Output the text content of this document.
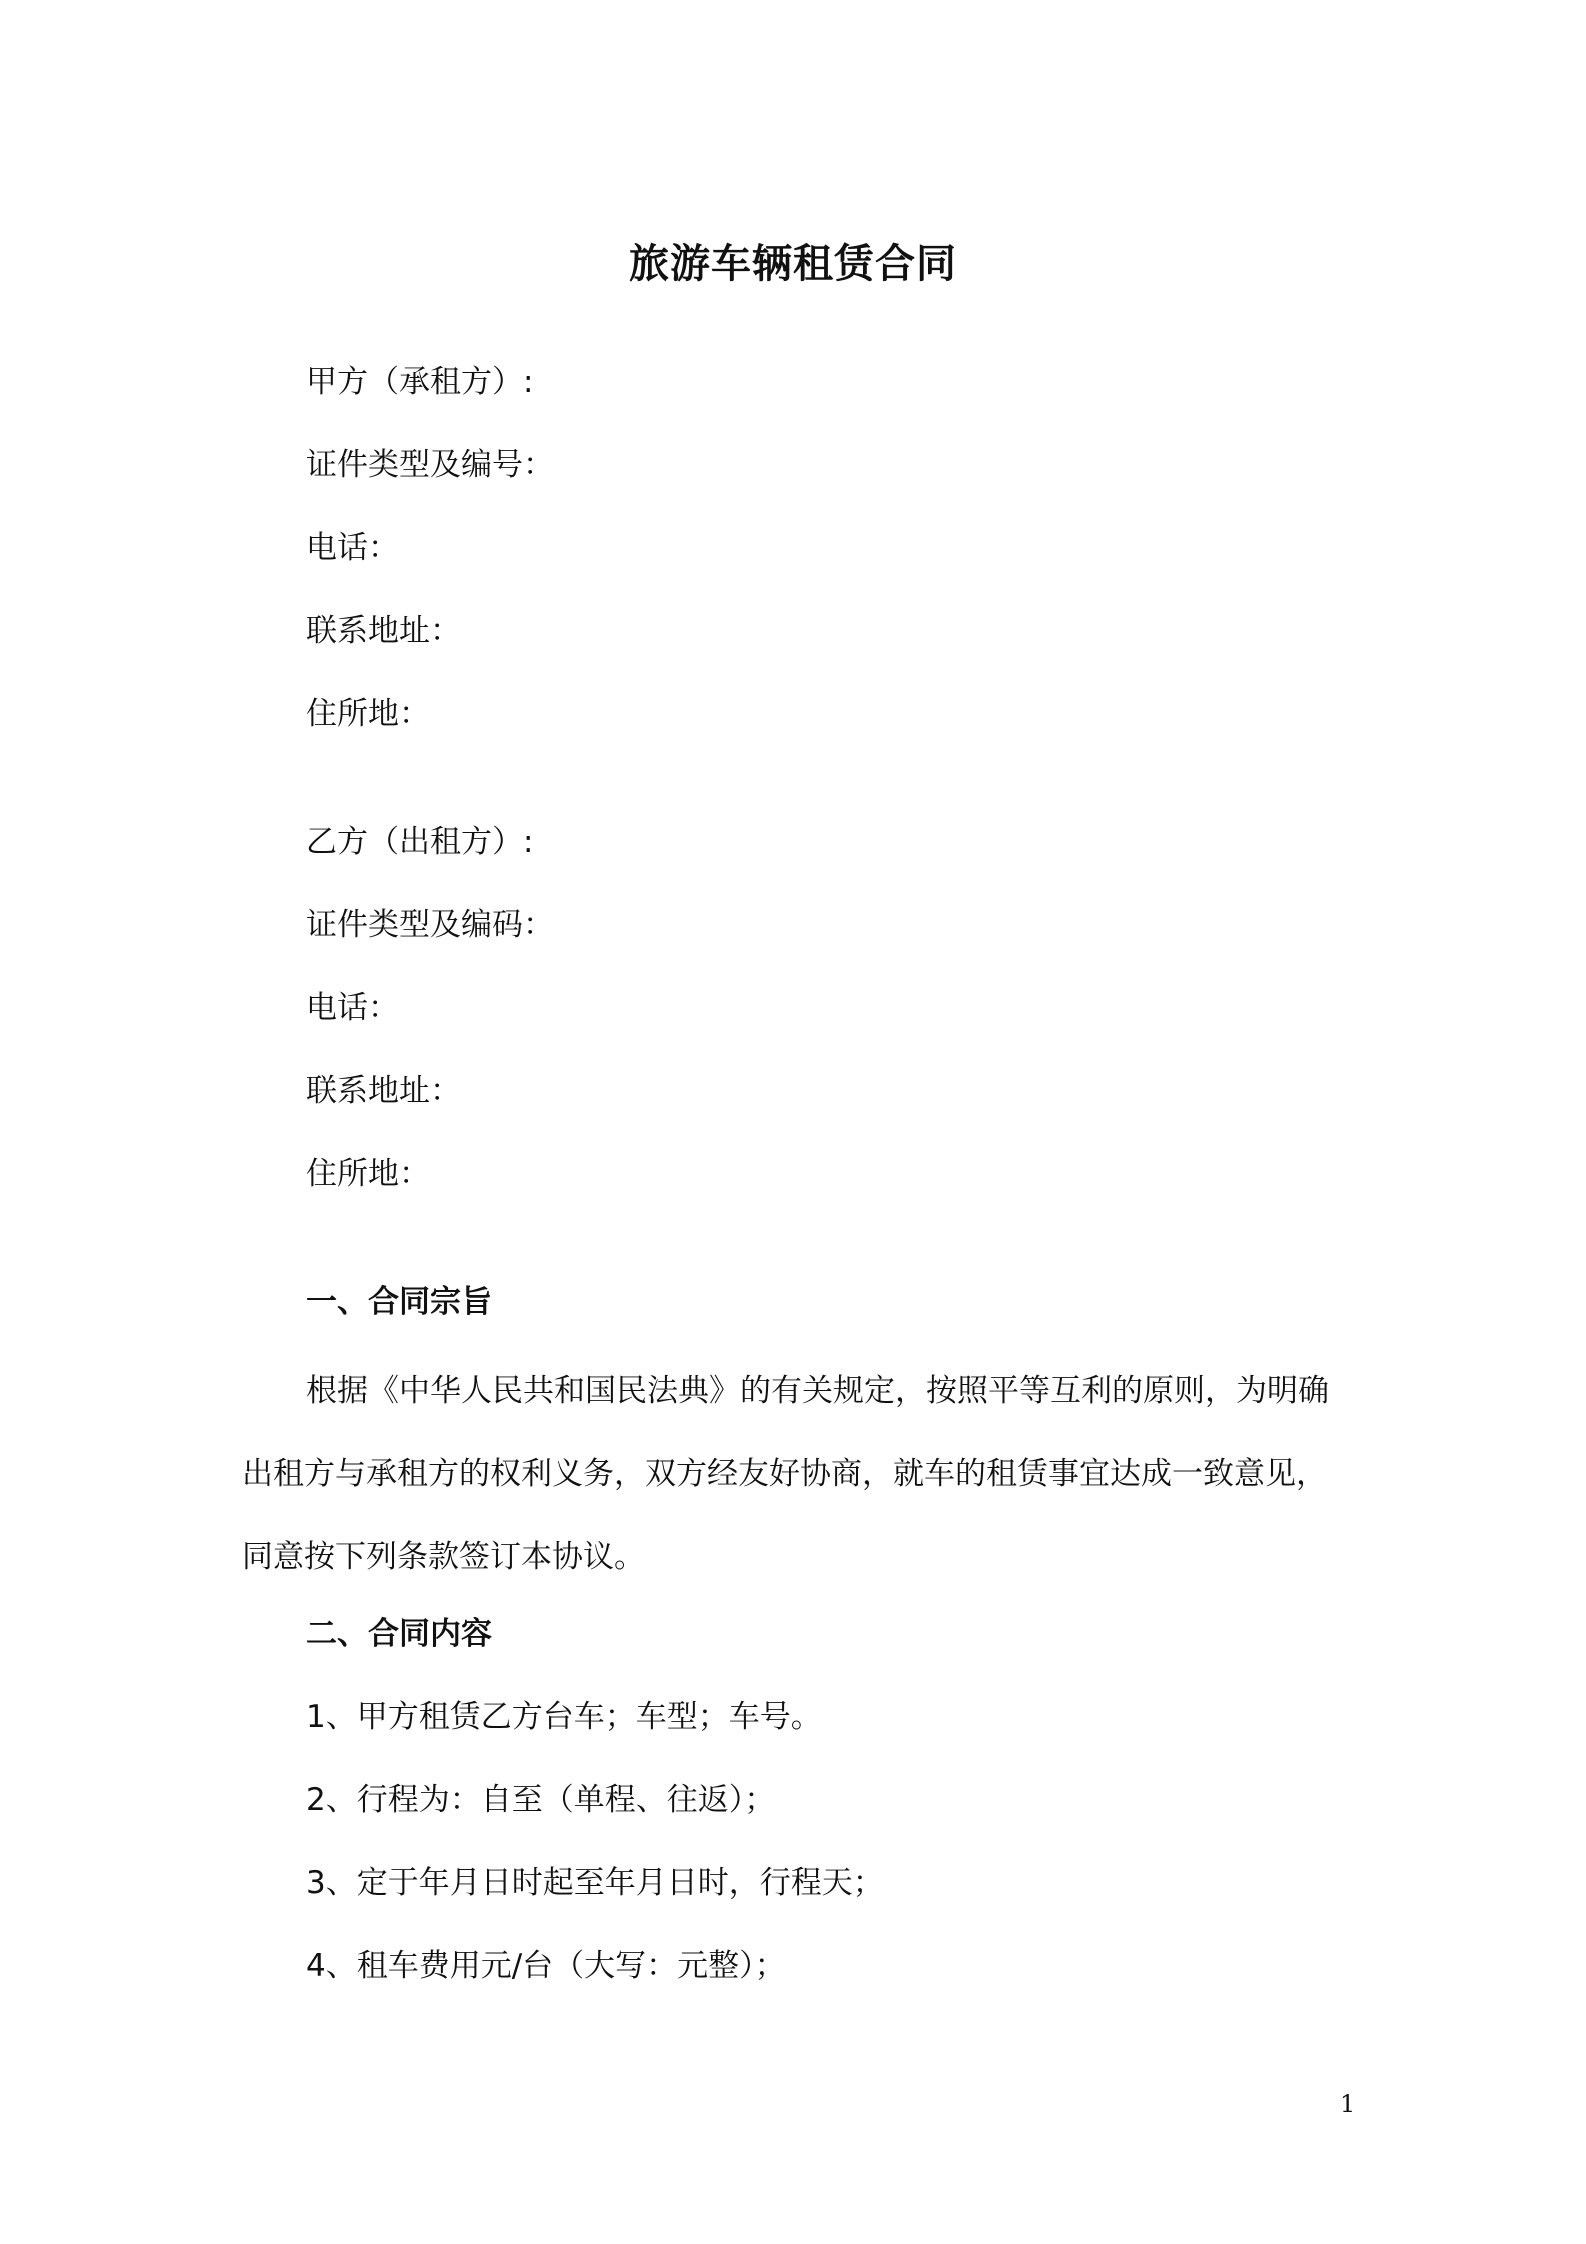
旅游车辆租赁合同
甲方（承租方）:
证件类型及编号：
电话：
联系地址：
住所地：
乙方（出租方）:
证件类型及编码：
电话：
联系地址：
住所地：
一、合同宗旨
根据《中华人民共和国民法典》的有关规定，按照平等互利的原则，为明确
出租方与承租方的权利义务，双方经友好协商，就车的租赁事宜达成一致意见，
同意按下列条款签订本协议。
二、合同内容
1、甲方租赁乙方台车；车型；车号。
2、行程为：自至（单程、往返）；
3、定于年月日时起至年月日时，行程天；
4、租车费用元/台（大写：元整）；
1
